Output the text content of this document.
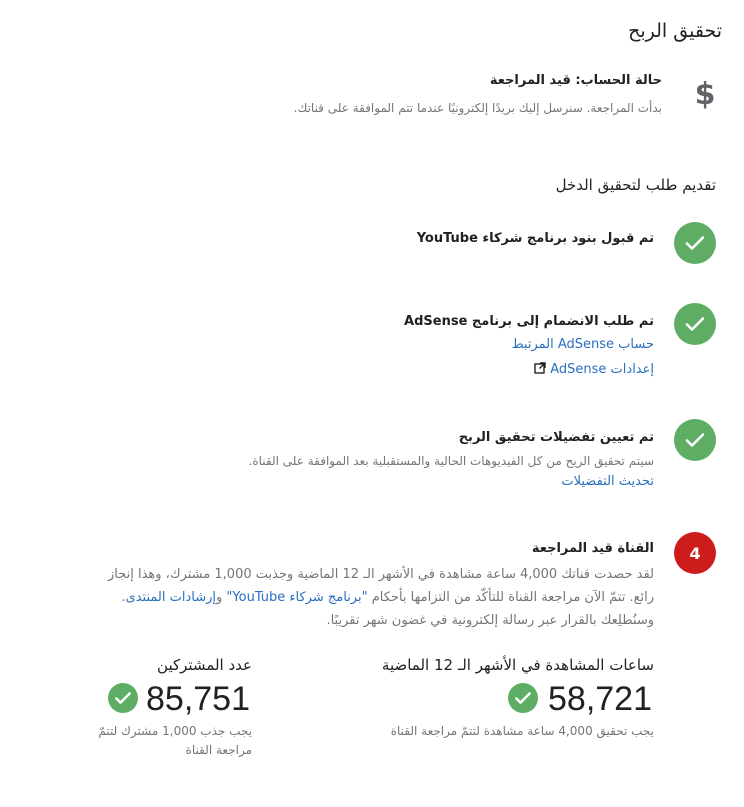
تحقيق الربح
$
حالة الحساب: قيد المراجعة
بدأت المراجعة. سنرسل إليك بريدًا إلكترونيًا عندما تتم الموافقة على قناتك.
تقديم طلب لتحقيق الدخل
تم قبول بنود برنامج شركاء YouTube
تم طلب الانضمام إلى برنامج AdSense
حساب AdSense المرتبط
إعدادات AdSense
تم تعيين تفضيلات تحقيق الربح
سيتم تحقيق الربح من كل الفيديوهات الحالية والمستقبلية بعد الموافقة على القناة.
تحديث التفضيلات
4
القناة قيد المراجعة
لقد حصدت قناتك 4,000 ساعة مشاهدة في الأشهر الـ 12 الماضية وجذبت 1,000 مشترك، وهذا إنجاز رائع. تتمّ الآن مراجعة القناة للتأكّد من التزامها بأحكام "برنامج شركاء YouTube" وإرشادات المنتدى. وسنُطلِعك بالقرار عبر رسالة إلكترونية في غضون شهر تقريبًا.
ساعات المشاهدة في الأشهر الـ 12 الماضية
58,721
يجب تحقيق 4,000 ساعة مشاهدة لتتمّ مراجعة القناة
عدد المشتركين
85,751
يجب جذب 1,000 مشترك لتتمّ مراجعة القناة
